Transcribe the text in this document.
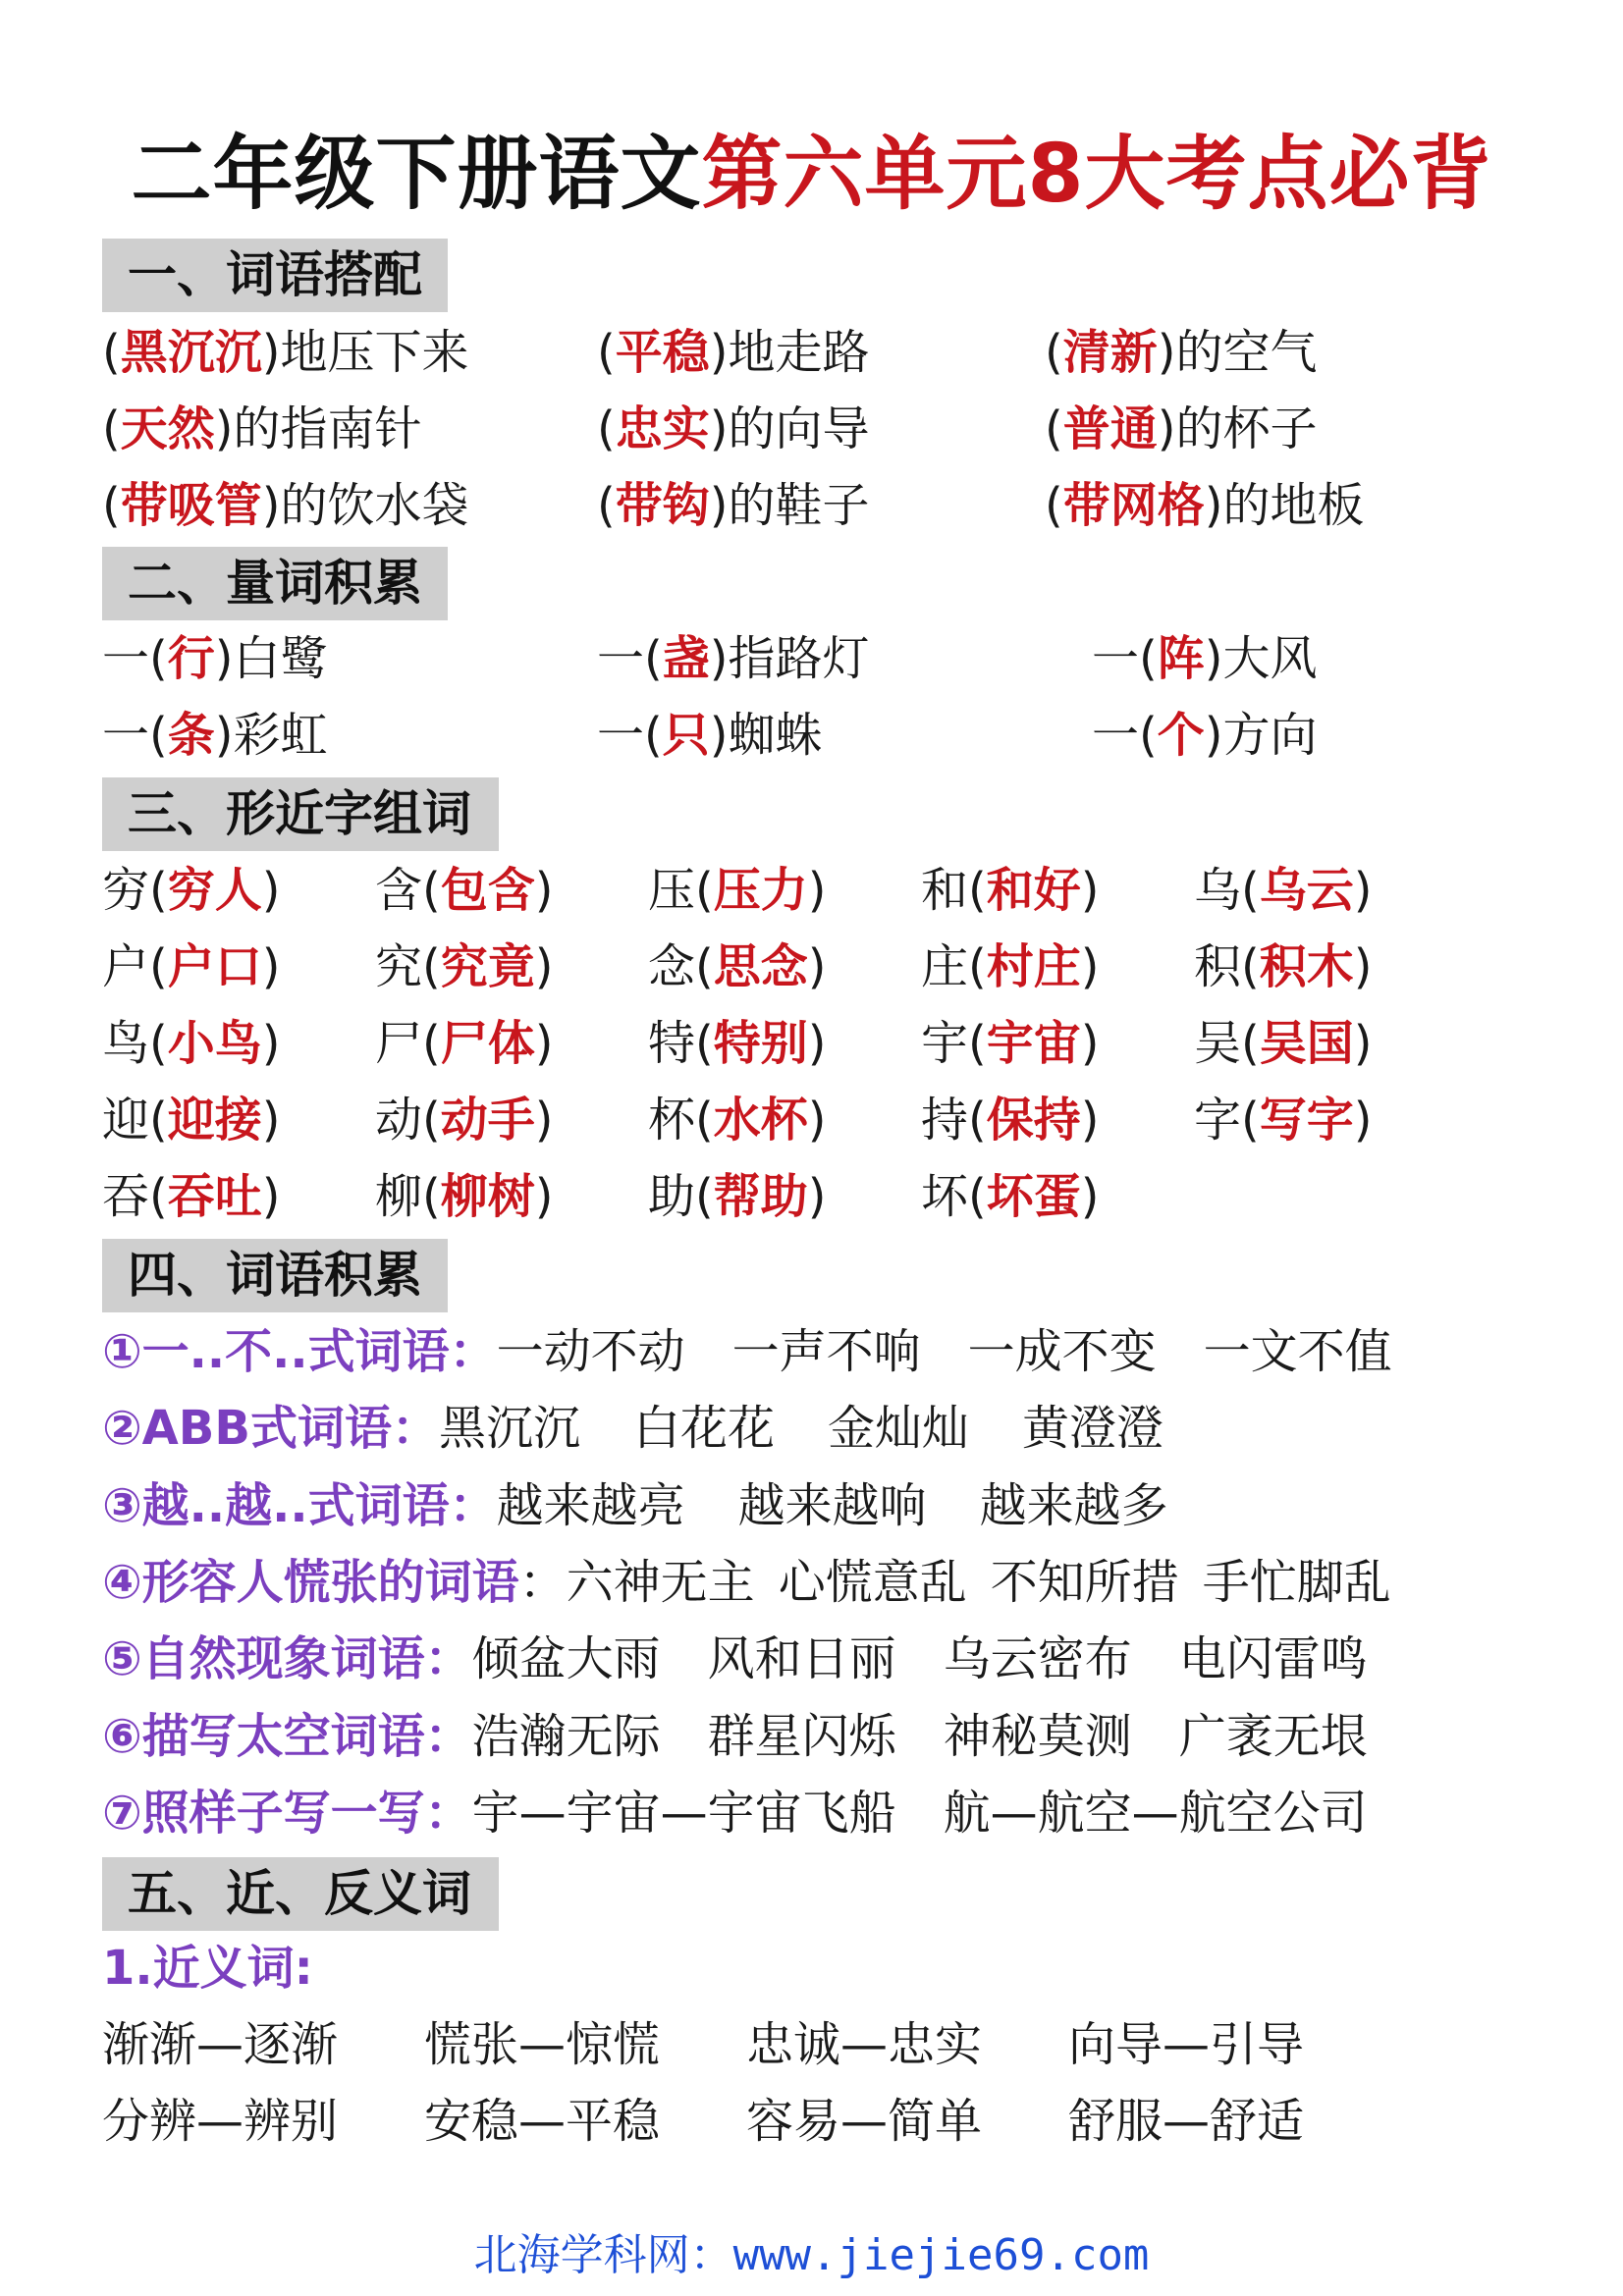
二年级下册语文第六单元8大考点必背
一、词语搭配
(黑沉沉)地压下来	(平稳)地走路	(清新)的空气
(天然)的指南针	(忠实)的向导	(普通)的杯子
(带吸管)的饮水袋	(带钩)的鞋子	(带网格)的地板
二、量词积累
一(行)白鹭	一(盏)指路灯	一(阵)大风
一(条)彩虹	一(只)蜘蛛	一(个)方向
三、形近字组词
穷(穷人) 含(包含) 压(压力) 和(和好) 乌(乌云)
户(户口) 究(究竟) 念(思念) 庄(村庄) 积(积木)
鸟(小鸟) 尸(尸体) 特(特别) 宇(宇宙) 吴(吴国)
迎(迎接) 动(动手) 杯(水杯) 持(保持) 字(写字)
吞(吞吐) 柳(柳树) 助(帮助) 坏(坏蛋)
四、词语积累
①一..不..式词语：一动不动 一声不响 一成不变 一文不值
②ABB式词语：黑沉沉 白花花 金灿灿 黄澄澄
③越..越..式词语：越来越亮 越来越响 越来越多
④形容人慌张的词语：六神无主 心慌意乱 不知所措 手忙脚乱
⑤自然现象词语：倾盆大雨 风和日丽 乌云密布 电闪雷鸣
⑥描写太空词语：浩瀚无际 群星闪烁 神秘莫测 广袤无垠
⑦照样子写一写：宇—宇宙—宇宙飞船 航—航空—航空公司
五、近、反义词
1.近义词:
渐渐—逐渐 慌张—惊慌 忠诚—忠实 向导—引导
分辨—辨别 安稳—平稳 容易—简单 舒服—舒适
北海学科网：www.jiejie69.com
